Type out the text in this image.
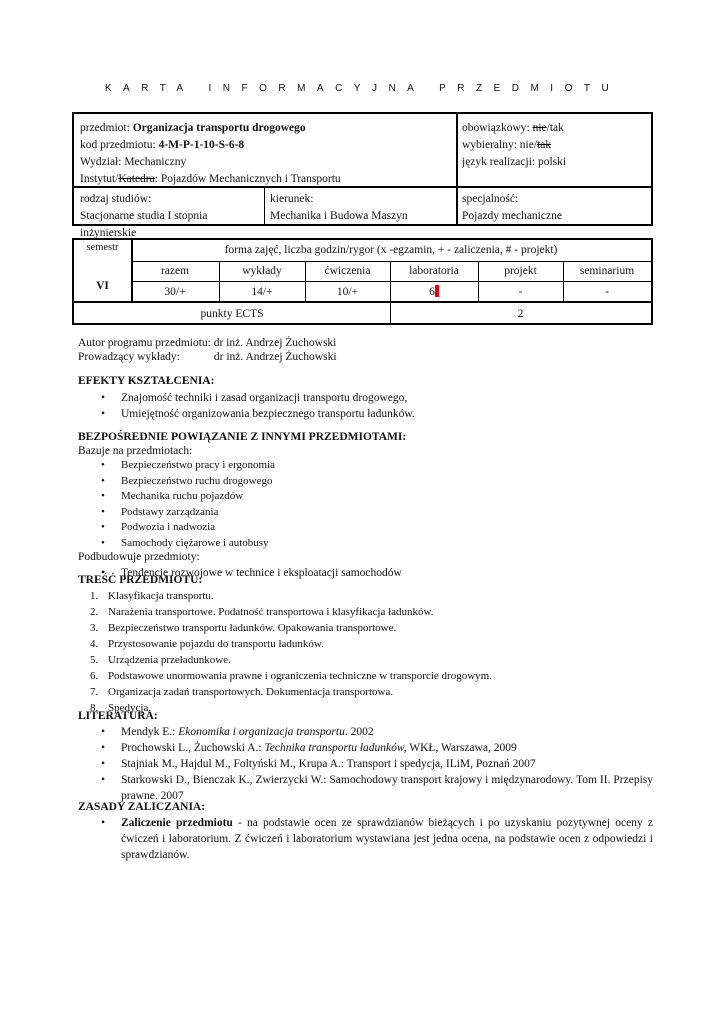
KARTA INFORMACYJNA PRZEDMIOTU
przedmiot: Organizacja transportu drogowego
kod przedmiotu: 4-M-P-1-10-S-6-8
Wydział: Mechaniczny
Instytut/Katedra: Pojazdów Mechanicznych i Transportu
obowiązkowy: nie/tak
wybieralny: nie/tak
język realizacji: polski
rodzaj studiów:
Stacjonarne studia I stopnia inżynierskie
kierunek:
Mechanika i Budowa Maszyn
specjalność:
Pojazdy mechaniczne
semestr
VI
forma zajęć, liczba godzin/rygor (x -egzamin, + - zaliczenia, # - projekt)
razem	wykłady	ćwiczenia	laboratoria	projekt	seminarium
30/+	14/+	10/+	6	-	-
punkty ECTS	2
Autor programu przedmiotu: dr inż. Andrzej Żuchowski
Prowadzący wykłady:	dr inż. Andrzej Żuchowski
EFEKTY KSZTAŁCENIA:
• Znajomość techniki i zasad organizacji transportu drogowego,
• Umiejętność organizowania bezpiecznego transportu ładunków.
BEZPOŚREDNIE POWIĄZANIE Z INNYMI PRZEDMIOTAMI:
Bazuje na przedmiotach:
• Bezpieczeństwo pracy i ergonomia
• Bezpieczeństwo ruchu drogowego
• Mechanika ruchu pojazdów
• Podstawy zarządzania
• Podwozia i nadwozia
• Samochody ciężarowe i autobusy
Podbudowuje przedmioty:
• Tendencje rozwojowe w technice i eksploatacji samochodów
TREŚĆ PRZEDMIOTU:
1. Klasyfikacja transportu.
2. Narażenia transportowe. Podatność transportowa i klasyfikacja ładunków.
3. Bezpieczeństwo transportu ładunków. Opakowania transportowe.
4. Przystosowanie pojazdu do transportu ładunków.
5. Urządzenia przeładunkowe.
6. Podstawowe unormowania prawne i ograniczenia techniczne w transporcie drogowym.
7. Organizacja zadań transportowych. Dokumentacja transportowa.
8. Spedycja.
LITERATURA:
• Mendyk E.: Ekonomika i organizacja transportu. 2002
• Prochowski L., Żuchowski A.: Technika transportu ładunków, WKŁ, Warszawa, 2009
• Stajniak M., Hajdul M., Foltyński M., Krupa A.: Transport i spedycja, ILiM, Poznań 2007
• Starkowski D., Bienczak K., Zwierzycki W.: Samochodowy transport krajowy i międzynarodowy. Tom II. Przepisy prawne. 2007
ZASADY ZALICZANIA:
• Zaliczenie przedmiotu - na podstawie ocen ze sprawdzianów bieżących i po uzyskaniu pozytywnej oceny z ćwiczeń i laboratorium. Z ćwiczeń i laboratorium wystawiana jest jedna ocena, na podstawie ocen z odpowiedzi i sprawdzianów.
